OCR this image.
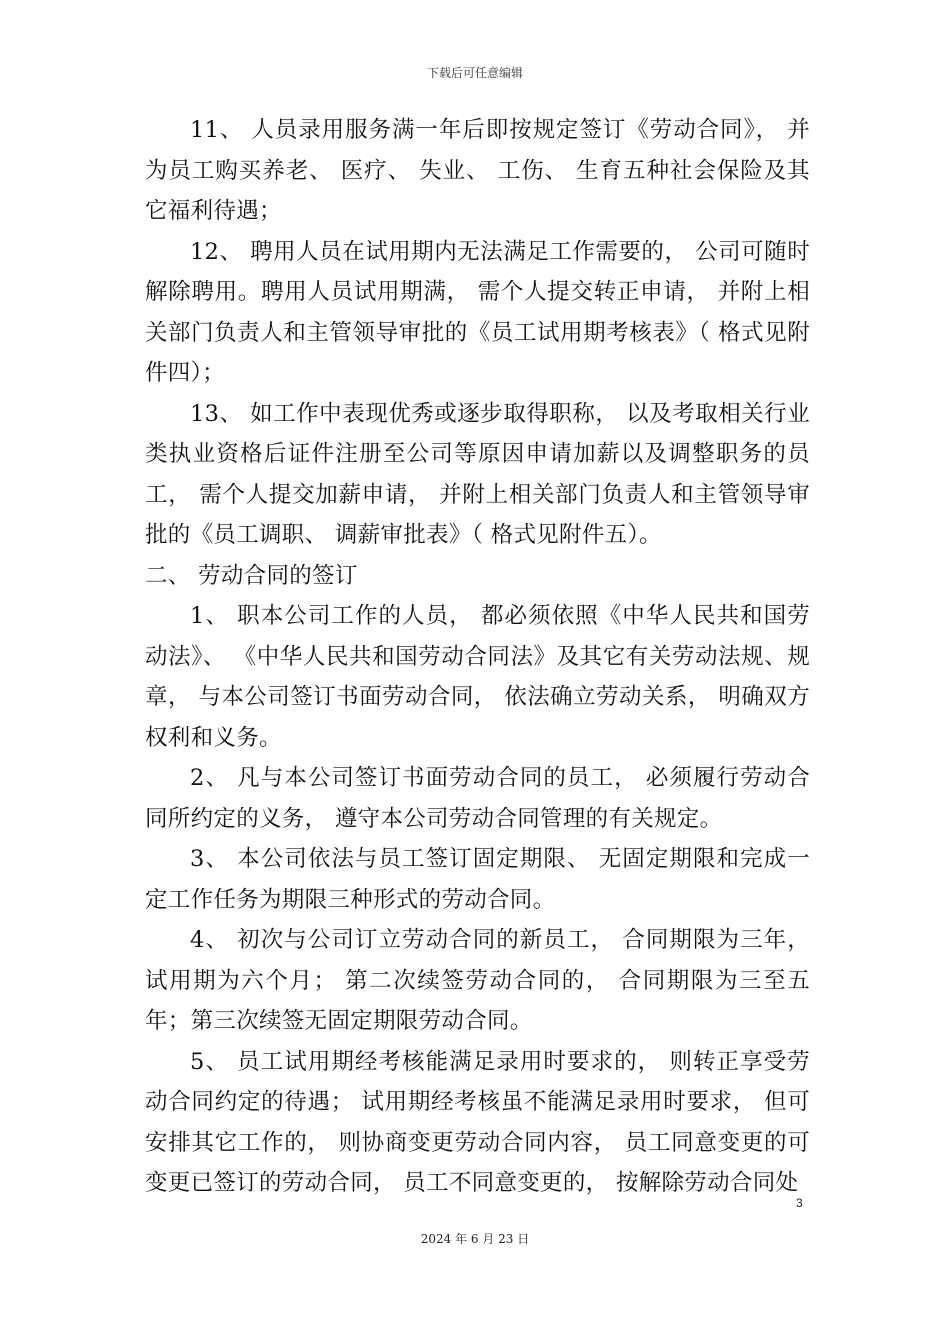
下载后可任意编辑

11、 人员录用服务满一年后即按规定签订《劳动合同》， 并为员工购买养老、 医疗、 失业、 工伤、 生育五种社会保险及其它福利待遇；

12、 聘用人员在试用期内无法满足工作需要的， 公司可随时解除聘用。聘用人员试用期满， 需个人提交转正申请， 并附上相关部门负责人和主管领导审批的《员工试用期考核表》（ 格式见附件四）；

13、 如工作中表现优秀或逐步取得职称， 以及考取相关行业类执业资格后证件注册至公司等原因申请加薪以及调整职务的员工， 需个人提交加薪申请， 并附上相关部门负责人和主管领导审批的《员工调职、 调薪审批表》（ 格式见附件五）。

二、 劳动合同的签订

1、 职本公司工作的人员， 都必须依照《中华人民共和国劳动法》、 《中华人民共和国劳动合同法》及其它有关劳动法规、规章， 与本公司签订书面劳动合同， 依法确立劳动关系， 明确双方权利和义务。

2、 凡与本公司签订书面劳动合同的员工， 必须履行劳动合同所约定的义务， 遵守本公司劳动合同管理的有关规定。

3、 本公司依法与员工签订固定期限、 无固定期限和完成一定工作任务为期限三种形式的劳动合同。

4、 初次与公司订立劳动合同的新员工， 合同期限为三年，试用期为六个月； 第二次续签劳动合同的， 合同期限为三至五年；第三次续签无固定期限劳动合同。

5、 员工试用期经考核能满足录用时要求的， 则转正享受劳动合同约定的待遇； 试用期经考核虽不能满足录用时要求， 但可安排其它工作的， 则协商变更劳动合同内容， 员工同意变更的可变更已签订的劳动合同， 员工不同意变更的， 按解除劳动合同处

3
2024 年 6 月 23 日
